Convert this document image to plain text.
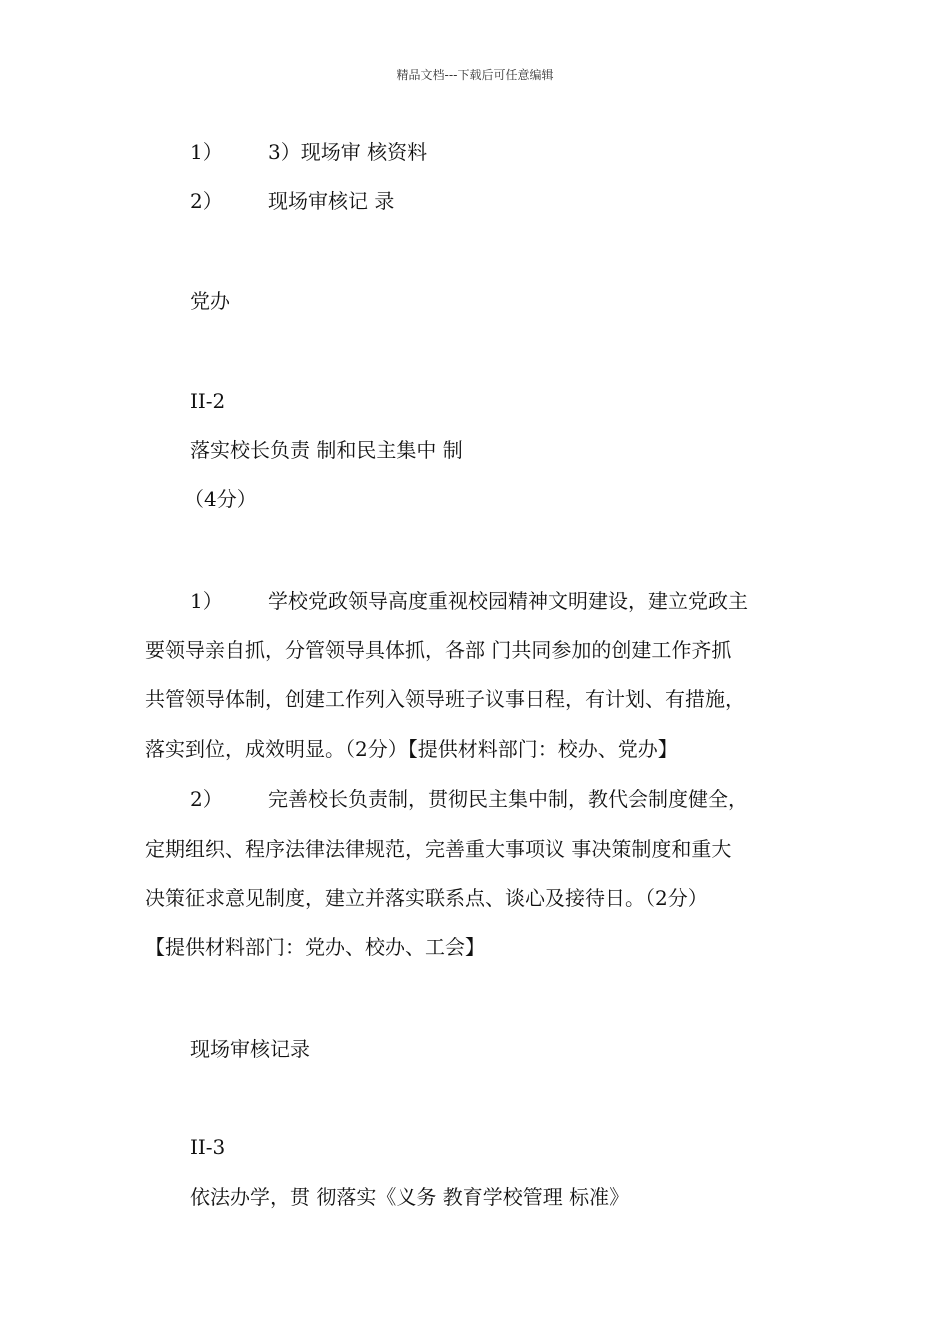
精品文档---下载后可任意编辑
1） 3）现场审 核资料
2） 现场审核记 录
党办
II-2
落实校长负责 制和民主集中 制
（4分）
1） 学校党政领导高度重视校园精神文明建设，建立党政主
要领导亲自抓，分管领导具体抓，各部 门共同参加的创建工作齐抓
共管领导体制，创建工作列入领导班子议事日程，有计划、有措施，
落实到位，成效明显。（2分）【提供材料部门：校办、党办】
2） 完善校长负责制，贯彻民主集中制，教代会制度健全，
定期组织、程序法律法律规范，完善重大事项议 事决策制度和重大
决策征求意见制度，建立并落实联系点、谈心及接待日。（2分）
【提供材料部门：党办、校办、工会】
现场审核记录
II-3
依法办学，贯 彻落实《义务 教育学校管理 标准》
